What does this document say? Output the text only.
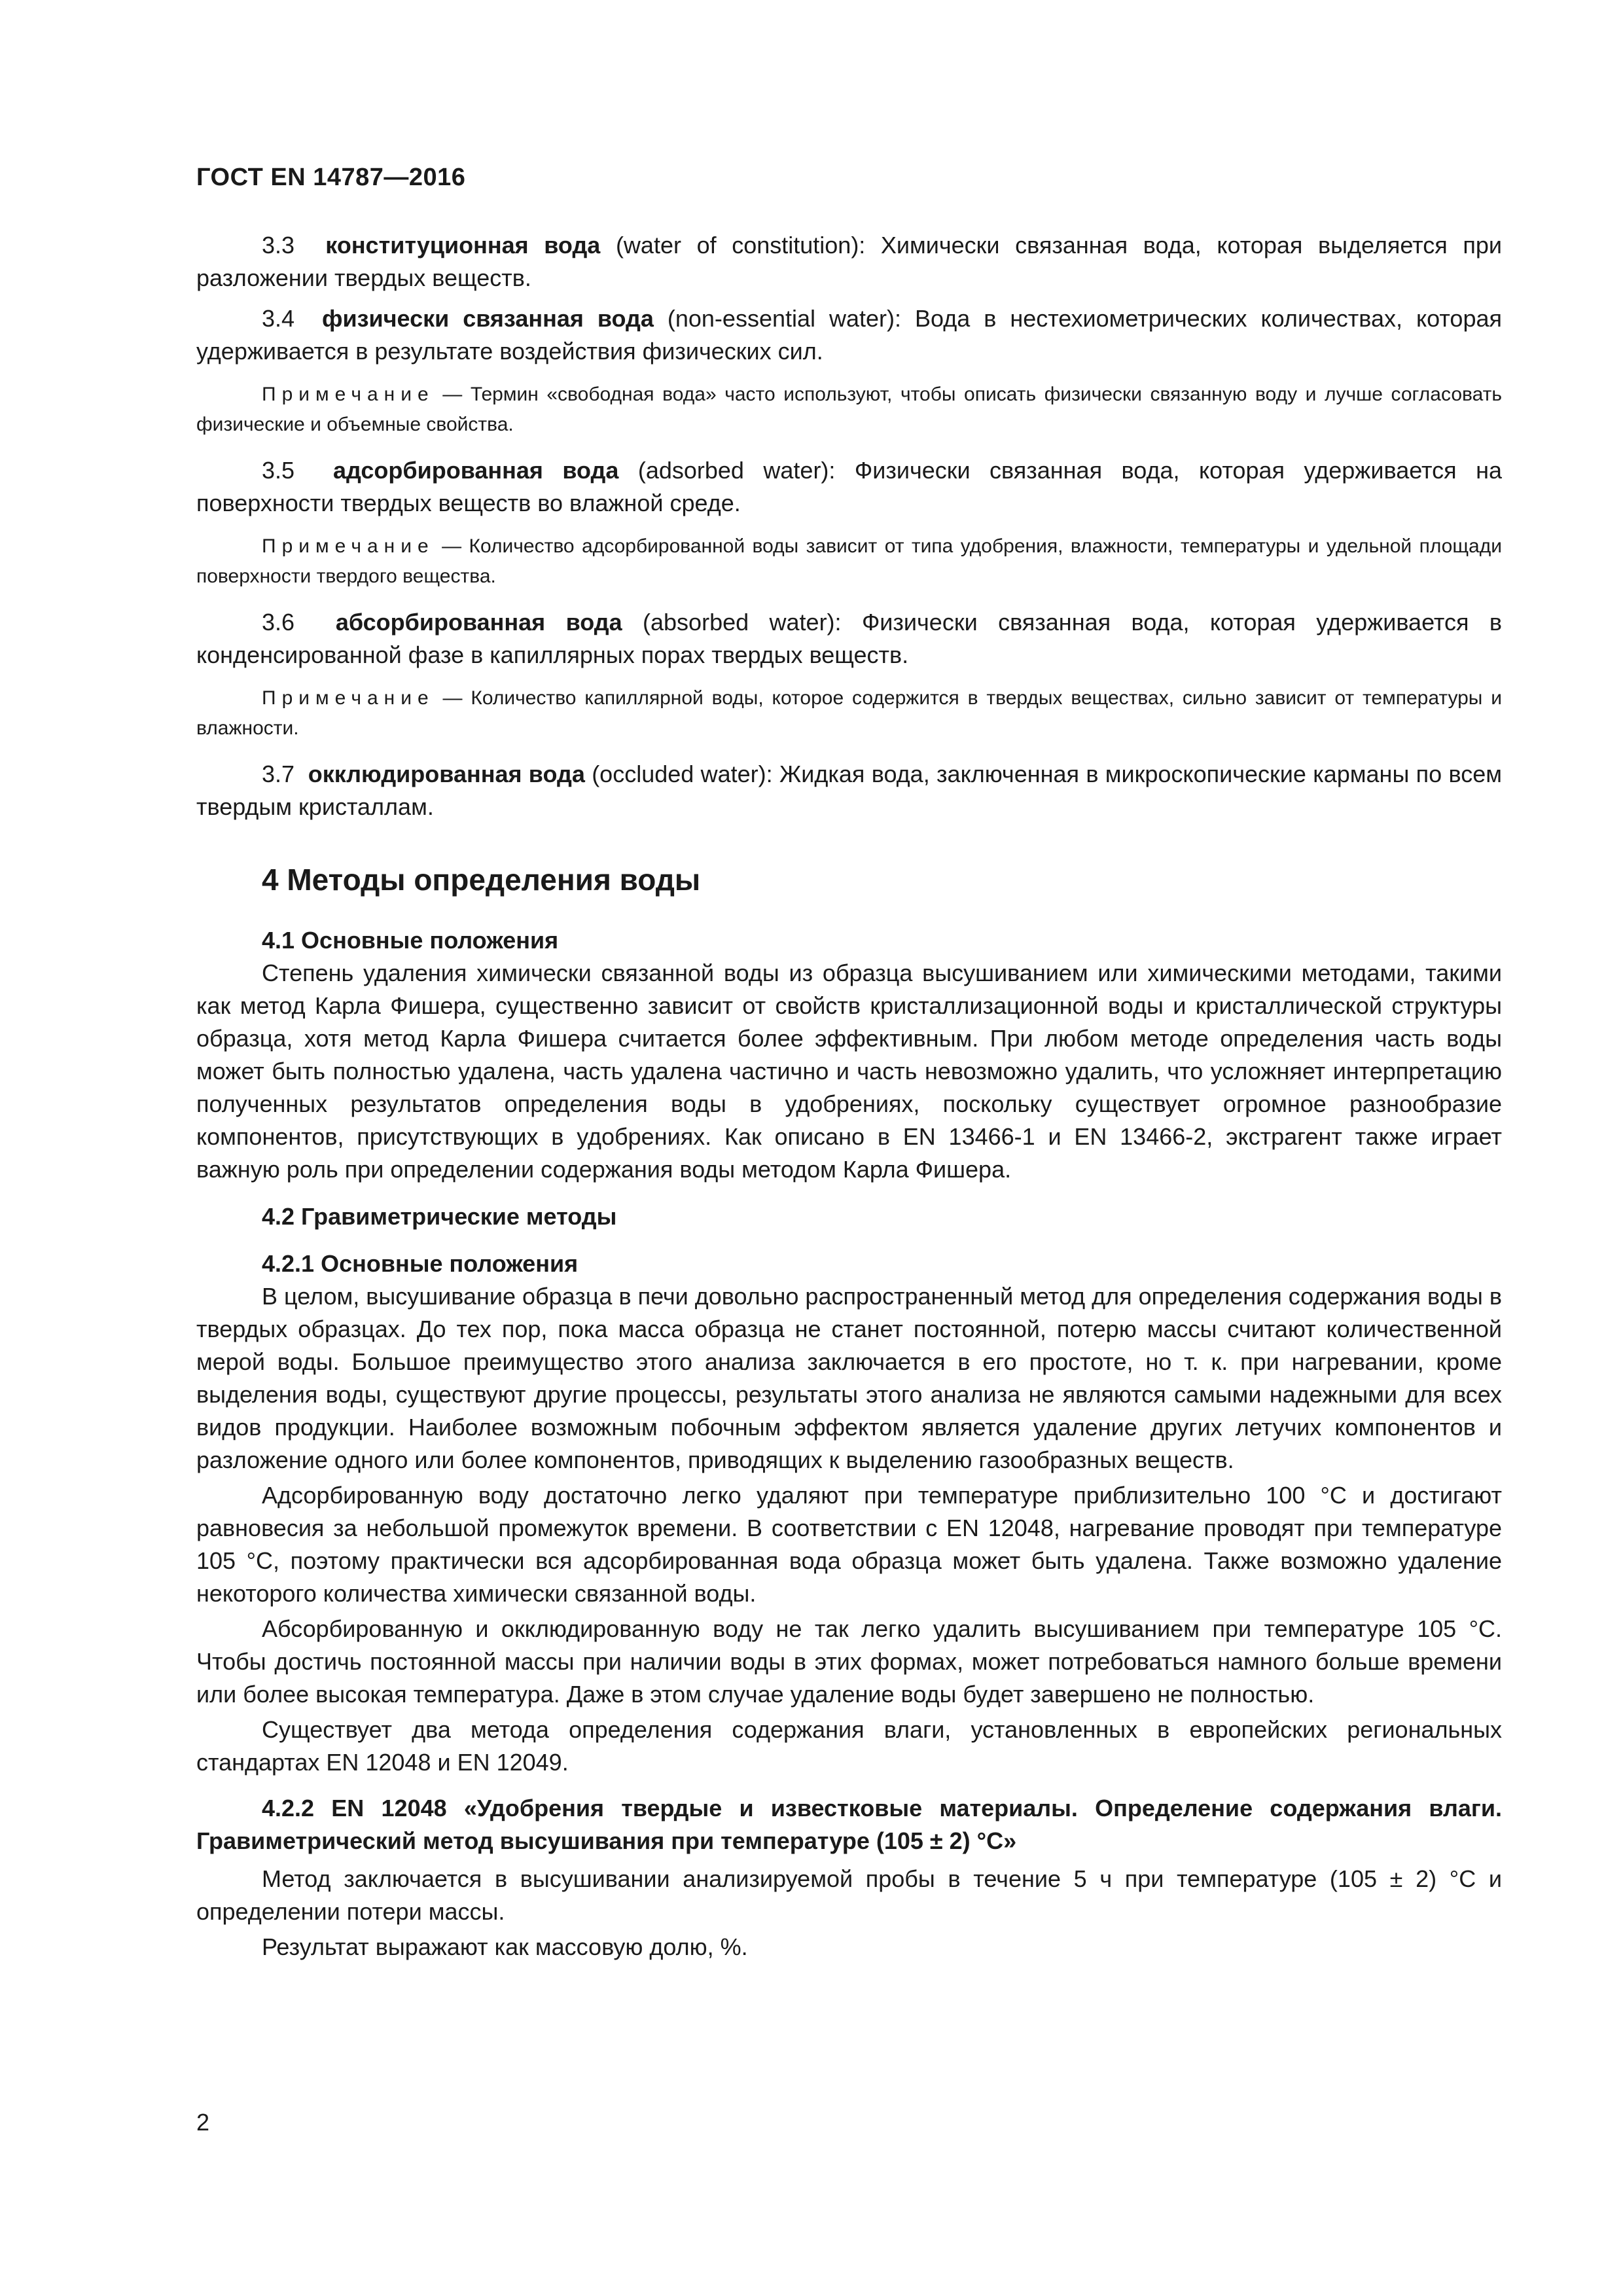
ГОСТ EN 14787—2016

3.3 конституционная вода (water of constitution): Химически связанная вода, которая выделяется при разложении твердых веществ.

3.4 физически связанная вода (non-essential water): Вода в нестехиометрических количествах, которая удерживается в результате воздействия физических сил.

Примечание — Термин «свободная вода» часто используют, чтобы описать физически связанную воду и лучше согласовать физические и объемные свойства.

3.5 адсорбированная вода (adsorbed water): Физически связанная вода, которая удерживается на поверхности твердых веществ во влажной среде.

Примечание — Количество адсорбированной воды зависит от типа удобрения, влажности, температуры и удельной площади поверхности твердого вещества.

3.6 абсорбированная вода (absorbed water): Физически связанная вода, которая удерживается в конденсированной фазе в капиллярных порах твердых веществ.

Примечание — Количество капиллярной воды, которое содержится в твердых веществах, сильно зависит от температуры и влажности.

3.7 окклюдированная вода (occluded water): Жидкая вода, заключенная в микроскопические карманы по всем твердым кристаллам.

4 Методы определения воды
4.1 Основные положения

Степень удаления химически связанной воды из образца высушиванием или химическими методами, такими как метод Карла Фишера, существенно зависит от свойств кристаллизационной воды и кристаллической структуры образца, хотя метод Карла Фишера считается более эффективным. При любом методе определения часть воды может быть полностью удалена, часть удалена частично и часть невозможно удалить, что усложняет интерпретацию полученных результатов определения воды в удобрениях, поскольку существует огромное разнообразие компонентов, присутствующих в удобрениях. Как описано в EN 13466-1 и EN 13466-2, экстрагент также играет важную роль при определении содержания воды методом Карла Фишера.

4.2 Гравиметрические методы
4.2.1 Основные положения

В целом, высушивание образца в печи довольно распространенный метод для определения содержания воды в твердых образцах. До тех пор, пока масса образца не станет постоянной, потерю массы считают количественной мерой воды. Большое преимущество этого анализа заключается в его простоте, но т. к. при нагревании, кроме выделения воды, существуют другие процессы, результаты этого анализа не являются самыми надежными для всех видов продукции. Наиболее возможным побочным эффектом является удаление других летучих компонентов и разложение одного или более компонентов, приводящих к выделению газообразных веществ.

Адсорбированную воду достаточно легко удаляют при температуре приблизительно 100 °С и достигают равновесия за небольшой промежуток времени. В соответствии с EN 12048, нагревание проводят при температуре 105 °С, поэтому практически вся адсорбированная вода образца может быть удалена. Также возможно удаление некоторого количества химически связанной воды.

Абсорбированную и окклюдированную воду не так легко удалить высушиванием при температуре 105 °С. Чтобы достичь постоянной массы при наличии воды в этих формах, может потребоваться намного больше времени или более высокая температура. Даже в этом случае удаление воды будет завершено не полностью.

Существует два метода определения содержания влаги, установленных в европейских региональных стандартах EN 12048 и EN 12049.

4.2.2 EN 12048 «Удобрения твердые и известковые материалы. Определение содержания влаги. Гравиметрический метод высушивания при температуре (105 ± 2) °С»

Метод заключается в высушивании анализируемой пробы в течение 5 ч при температуре (105 ± 2) °С и определении потери массы.

Результат выражают как массовую долю, %.

2
